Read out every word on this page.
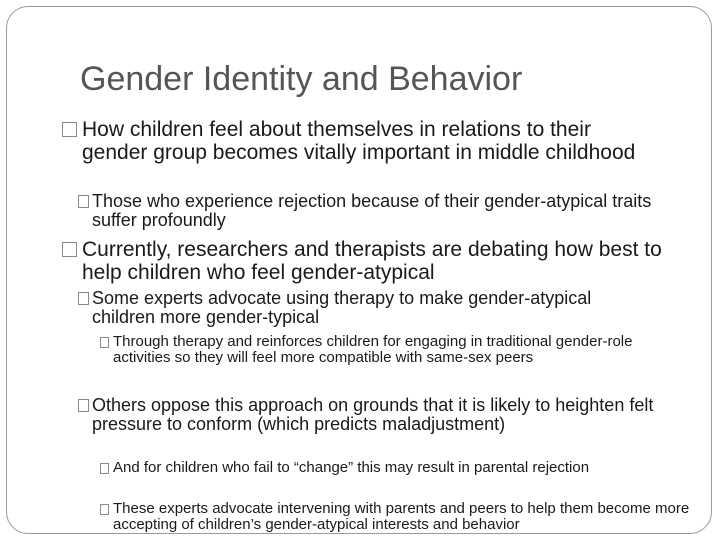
Gender Identity and Behavior
How children feel about themselves in relations to their gender group becomes vitally important in middle childhood
Those who experience rejection because of their gender-atypical traits suffer profoundly
Currently, researchers and therapists are debating how best to help children who feel gender-atypical
Some experts advocate using therapy to make gender-atypical children more gender-typical
Through therapy and reinforces children for engaging in traditional gender-role activities so they will feel more compatible with same-sex peers
Others oppose this approach on grounds that it is likely to heighten felt pressure to conform (which predicts maladjustment)
And for children who fail to “change” this may result in parental rejection
These experts advocate intervening with parents and peers to help them become more accepting of children’s gender-atypical interests and behavior
